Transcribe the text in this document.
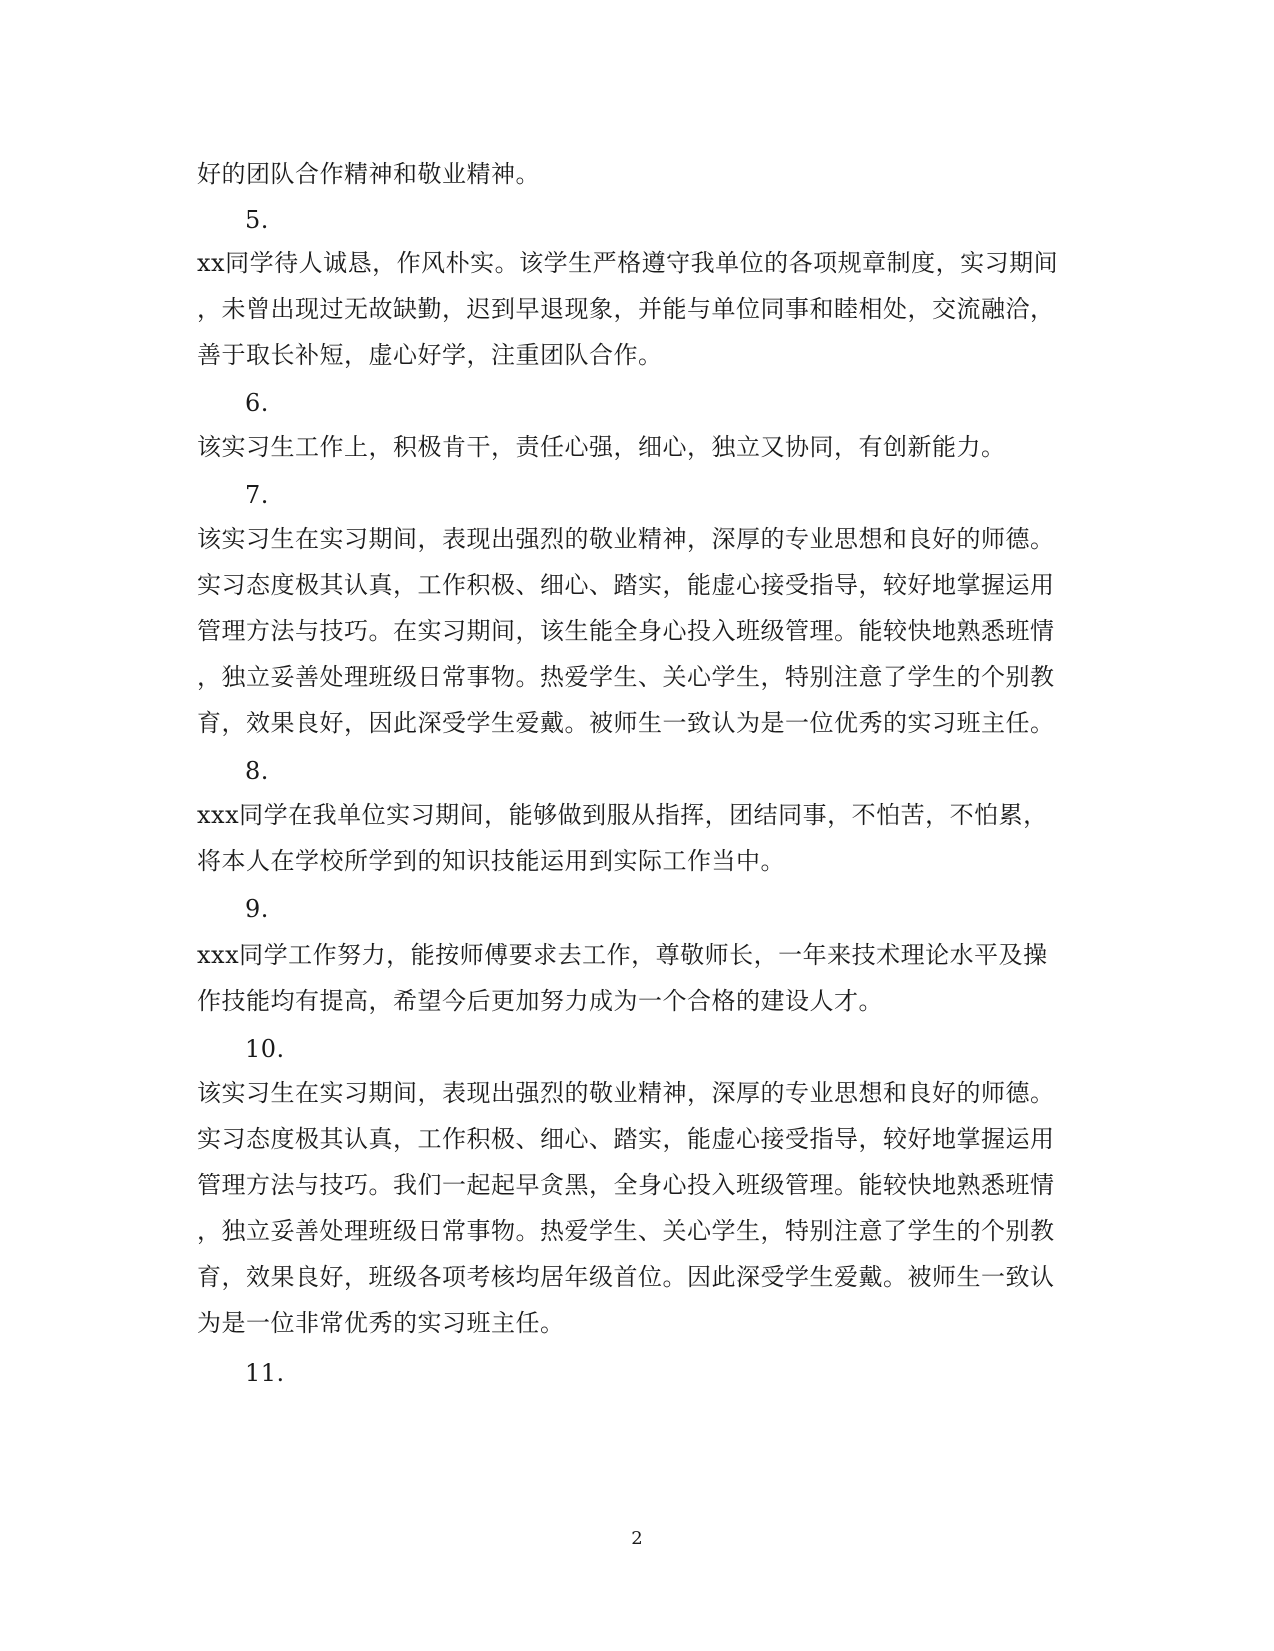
好的团队合作精神和敬业精神。
5.
xx同学待人诚恳，作风朴实。该学生严格遵守我单位的各项规章制度，实习期间
，未曾出现过无故缺勤，迟到早退现象，并能与单位同事和睦相处，交流融洽，
善于取长补短，虚心好学，注重团队合作。
6.
该实习生工作上，积极肯干，责任心强，细心，独立又协同，有创新能力。
7.
该实习生在实习期间，表现出强烈的敬业精神，深厚的专业思想和良好的师德。
实习态度极其认真，工作积极、细心、踏实，能虚心接受指导，较好地掌握运用
管理方法与技巧。在实习期间，该生能全身心投入班级管理。能较快地熟悉班情
，独立妥善处理班级日常事物。热爱学生、关心学生，特别注意了学生的个别教
育，效果良好，因此深受学生爱戴。被师生一致认为是一位优秀的实习班主任。
8.
xxx同学在我单位实习期间，能够做到服从指挥，团结同事，不怕苦，不怕累，
将本人在学校所学到的知识技能运用到实际工作当中。
9.
xxx同学工作努力，能按师傅要求去工作，尊敬师长，一年来技术理论水平及操
作技能均有提高，希望今后更加努力成为一个合格的建设人才。
10.
该实习生在实习期间，表现出强烈的敬业精神，深厚的专业思想和良好的师德。
实习态度极其认真，工作积极、细心、踏实，能虚心接受指导，较好地掌握运用
管理方法与技巧。我们一起起早贪黑，全身心投入班级管理。能较快地熟悉班情
，独立妥善处理班级日常事物。热爱学生、关心学生，特别注意了学生的个别教
育，效果良好，班级各项考核均居年级首位。因此深受学生爱戴。被师生一致认
为是一位非常优秀的实习班主任。
11.
2
